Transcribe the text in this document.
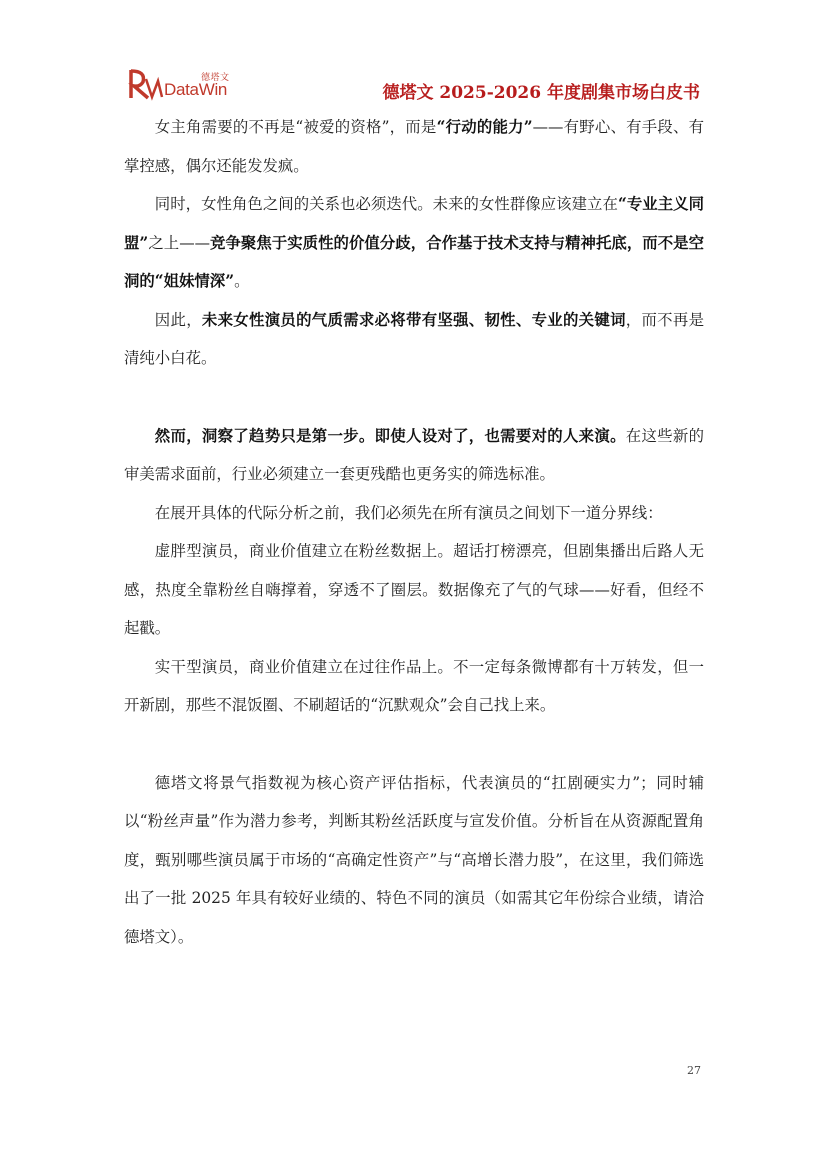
德塔文
DataWin	德塔文 2025-2026 年度剧集市场白皮书

女主角需要的不再是“被爱的资格”，而是“行动的能力”——有野心、有手段、有掌控感，偶尔还能发发疯。

同时，女性角色之间的关系也必须迭代。未来的女性群像应该建立在“专业主义同盟”之上——竞争聚焦于实质性的价值分歧，合作基于技术支持与精神托底，而不是空洞的“姐妹情深”。

因此，未来女性演员的气质需求必将带有坚强、韧性、专业的关键词，而不再是清纯小白花。

然而，洞察了趋势只是第一步。即使人设对了，也需要对的人来演。在这些新的审美需求面前，行业必须建立一套更残酷也更务实的筛选标准。

在展开具体的代际分析之前，我们必须先在所有演员之间划下一道分界线：

虚胖型演员，商业价值建立在粉丝数据上。超话打榜漂亮，但剧集播出后路人无感，热度全靠粉丝自嗨撑着，穿透不了圈层。数据像充了气的气球——好看，但经不起戳。

实干型演员，商业价值建立在过往作品上。不一定每条微博都有十万转发，但一开新剧，那些不混饭圈、不刷超话的“沉默观众”会自己找上来。

德塔文将景气指数视为核心资产评估指标，代表演员的“扛剧硬实力”；同时辅以“粉丝声量”作为潜力参考，判断其粉丝活跃度与宣发价值。分析旨在从资源配置角度，甄别哪些演员属于市场的“高确定性资产”与“高增长潜力股”，在这里，我们筛选出了一批 2025 年具有较好业绩的、特色不同的演员（如需其它年份综合业绩，请洽德塔文）。

27
